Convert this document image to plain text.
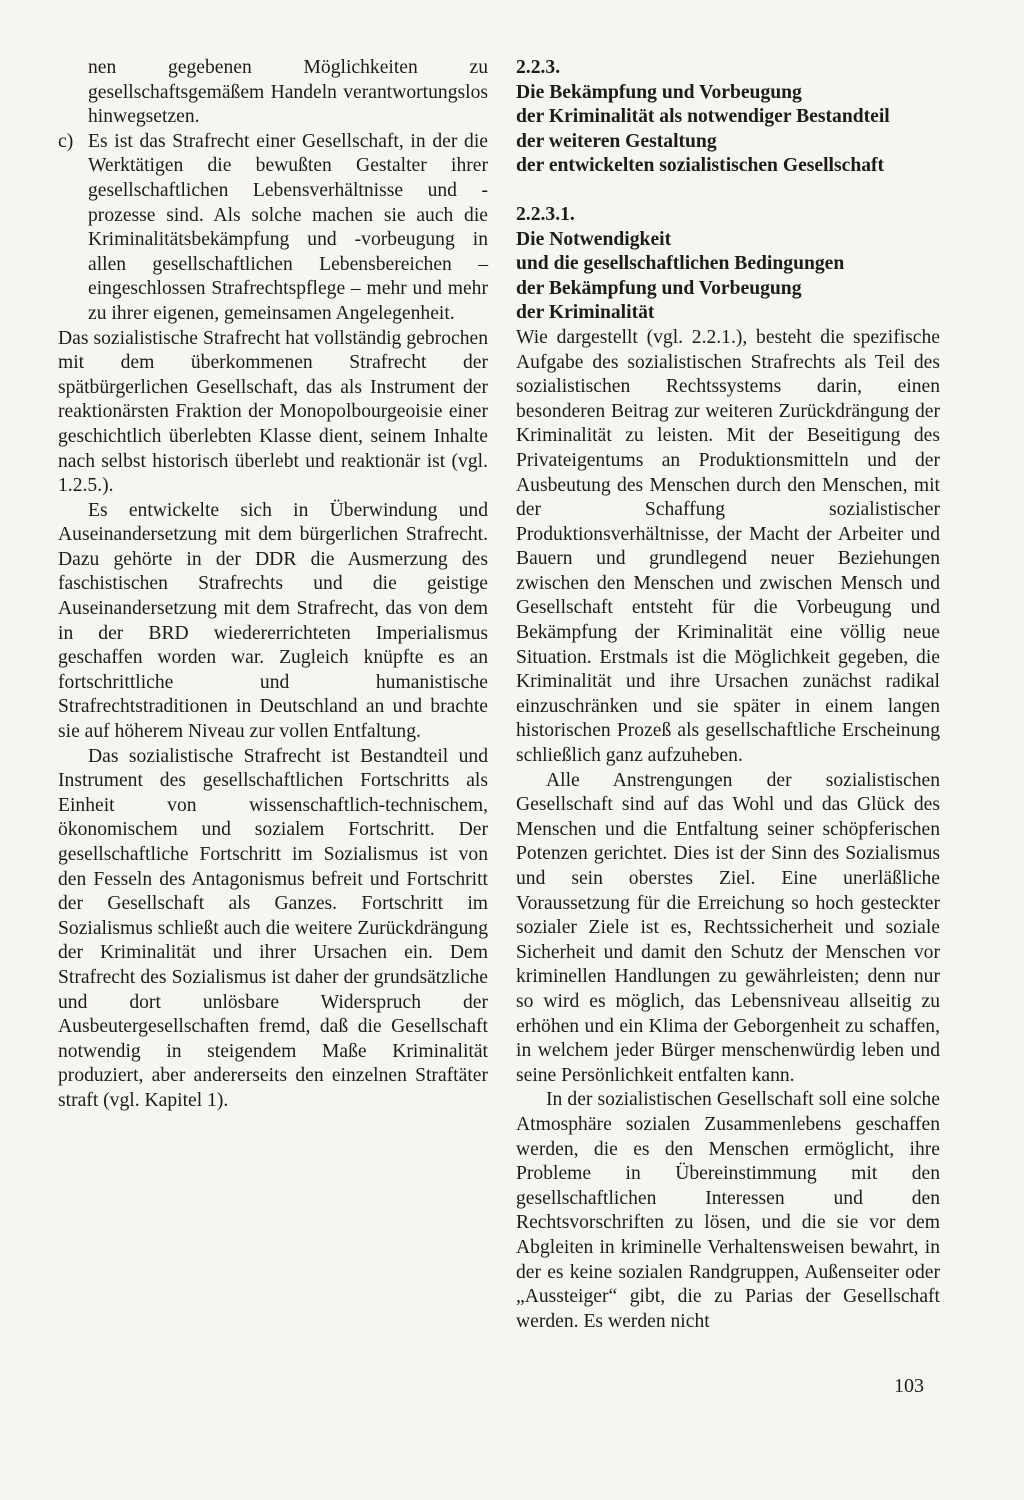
nen gegebenen Möglichkeiten zu gesellschaftsgemäßem Handeln verantwortungslos hinwegsetzen.

c) Es ist das Strafrecht einer Gesellschaft, in der die Werktätigen die bewußten Gestalter ihrer gesellschaftlichen Lebensverhältnisse und -prozesse sind. Als solche machen sie auch die Kriminalitätsbekämpfung und -vorbeugung in allen gesellschaftlichen Lebensbereichen – eingeschlossen Strafrechtspflege – mehr und mehr zu ihrer eigenen, gemeinsamen Angelegenheit.

Das sozialistische Strafrecht hat vollständig gebrochen mit dem überkommenen Strafrecht der spätbürgerlichen Gesellschaft, das als Instrument der reaktionärsten Fraktion der Monopolbourgeoisie einer geschichtlich überlebten Klasse dient, seinem Inhalte nach selbst historisch überlebt und reaktionär ist (vgl. 1.2.5.).

Es entwickelte sich in Überwindung und Auseinandersetzung mit dem bürgerlichen Strafrecht. Dazu gehörte in der DDR die Ausmerzung des faschistischen Strafrechts und die geistige Auseinandersetzung mit dem Strafrecht, das von dem in der BRD wiedererrichteten Imperialismus geschaffen worden war. Zugleich knüpfte es an fortschrittliche und humanistische Strafrechtstraditionen in Deutschland an und brachte sie auf höherem Niveau zur vollen Entfaltung.

Das sozialistische Strafrecht ist Bestandteil und Instrument des gesellschaftlichen Fortschritts als Einheit von wissenschaftlich-technischem, ökonomischem und sozialem Fortschritt. Der gesellschaftliche Fortschritt im Sozialismus ist von den Fesseln des Antagonismus befreit und Fortschritt der Gesellschaft als Ganzes. Fortschritt im Sozialismus schließt auch die weitere Zurückdrängung der Kriminalität und ihrer Ursachen ein. Dem Strafrecht des Sozialismus ist daher der grundsätzliche und dort unlösbare Widerspruch der Ausbeutergesellschaften fremd, daß die Gesellschaft notwendig in steigendem Maße Kriminalität produziert, aber andererseits den einzelnen Straftäter straft (vgl. Kapitel 1).

2.2.3.

Die Bekämpfung und Vorbeugung

der Kriminalität als notwendiger Bestandteil

der weiteren Gestaltung

der entwickelten sozialistischen Gesellschaft

2.2.3.1.

Die Notwendigkeit

und die gesellschaftlichen Bedingungen

der Bekämpfung und Vorbeugung

der Kriminalität

Wie dargestellt (vgl. 2.2.1.), besteht die spezifische Aufgabe des sozialistischen Strafrechts als Teil des sozialistischen Rechtssystems darin, einen besonderen Beitrag zur weiteren Zurückdrängung der Kriminalität zu leisten. Mit der Beseitigung des Privateigentums an Produktionsmitteln und der Ausbeutung des Menschen durch den Menschen, mit der Schaffung sozialistischer Produktionsverhältnisse, der Macht der Arbeiter und Bauern und grundlegend neuer Beziehungen zwischen den Menschen und zwischen Mensch und Gesellschaft entsteht für die Vorbeugung und Bekämpfung der Kriminalität eine völlig neue Situation. Erstmals ist die Möglichkeit gegeben, die Kriminalität und ihre Ursachen zunächst radikal einzuschränken und sie später in einem langen historischen Prozeß als gesellschaftliche Erscheinung schließlich ganz aufzuheben.

Alle Anstrengungen der sozialistischen Gesellschaft sind auf das Wohl und das Glück des Menschen und die Entfaltung seiner schöpferischen Potenzen gerichtet. Dies ist der Sinn des Sozialismus und sein oberstes Ziel. Eine unerläßliche Voraussetzung für die Erreichung so hoch gesteckter sozialer Ziele ist es, Rechtssicherheit und soziale Sicherheit und damit den Schutz der Menschen vor kriminellen Handlungen zu gewährleisten; denn nur so wird es möglich, das Lebensniveau allseitig zu erhöhen und ein Klima der Geborgenheit zu schaffen, in welchem jeder Bürger menschenwürdig leben und seine Persönlichkeit entfalten kann.

In der sozialistischen Gesellschaft soll eine solche Atmosphäre sozialen Zusammenlebens geschaffen werden, die es den Menschen ermöglicht, ihre Probleme in Übereinstimmung mit den gesellschaftlichen Interessen und den Rechtsvorschriften zu lösen, und die sie vor dem Abgleiten in kriminelle Verhaltensweisen bewahrt, in der es keine sozialen Randgruppen, Außenseiter oder „Aussteiger“ gibt, die zu Parias der Gesellschaft werden. Es werden nicht

103
